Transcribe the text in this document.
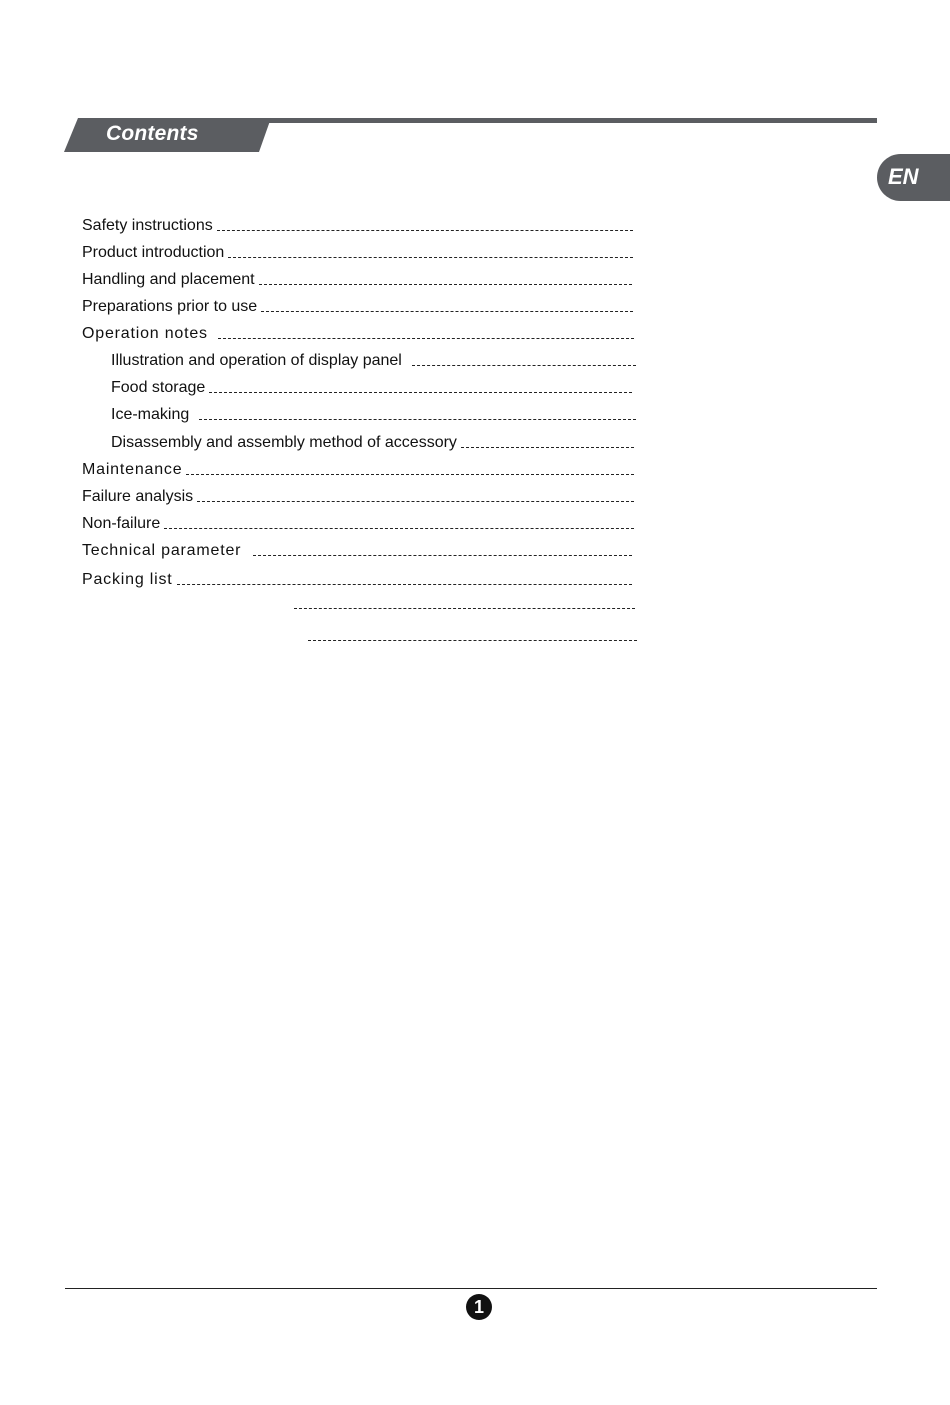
Contents
EN
Safety instructions
Product introduction
Handling and placement
Preparations prior to use
Operation notes
Illustration and operation of display panel
Food storage
Ice-making
Disassembly and assembly method of accessory
Maintenance
Failure analysis
Non-failure
Technical parameter
Packing list
1
